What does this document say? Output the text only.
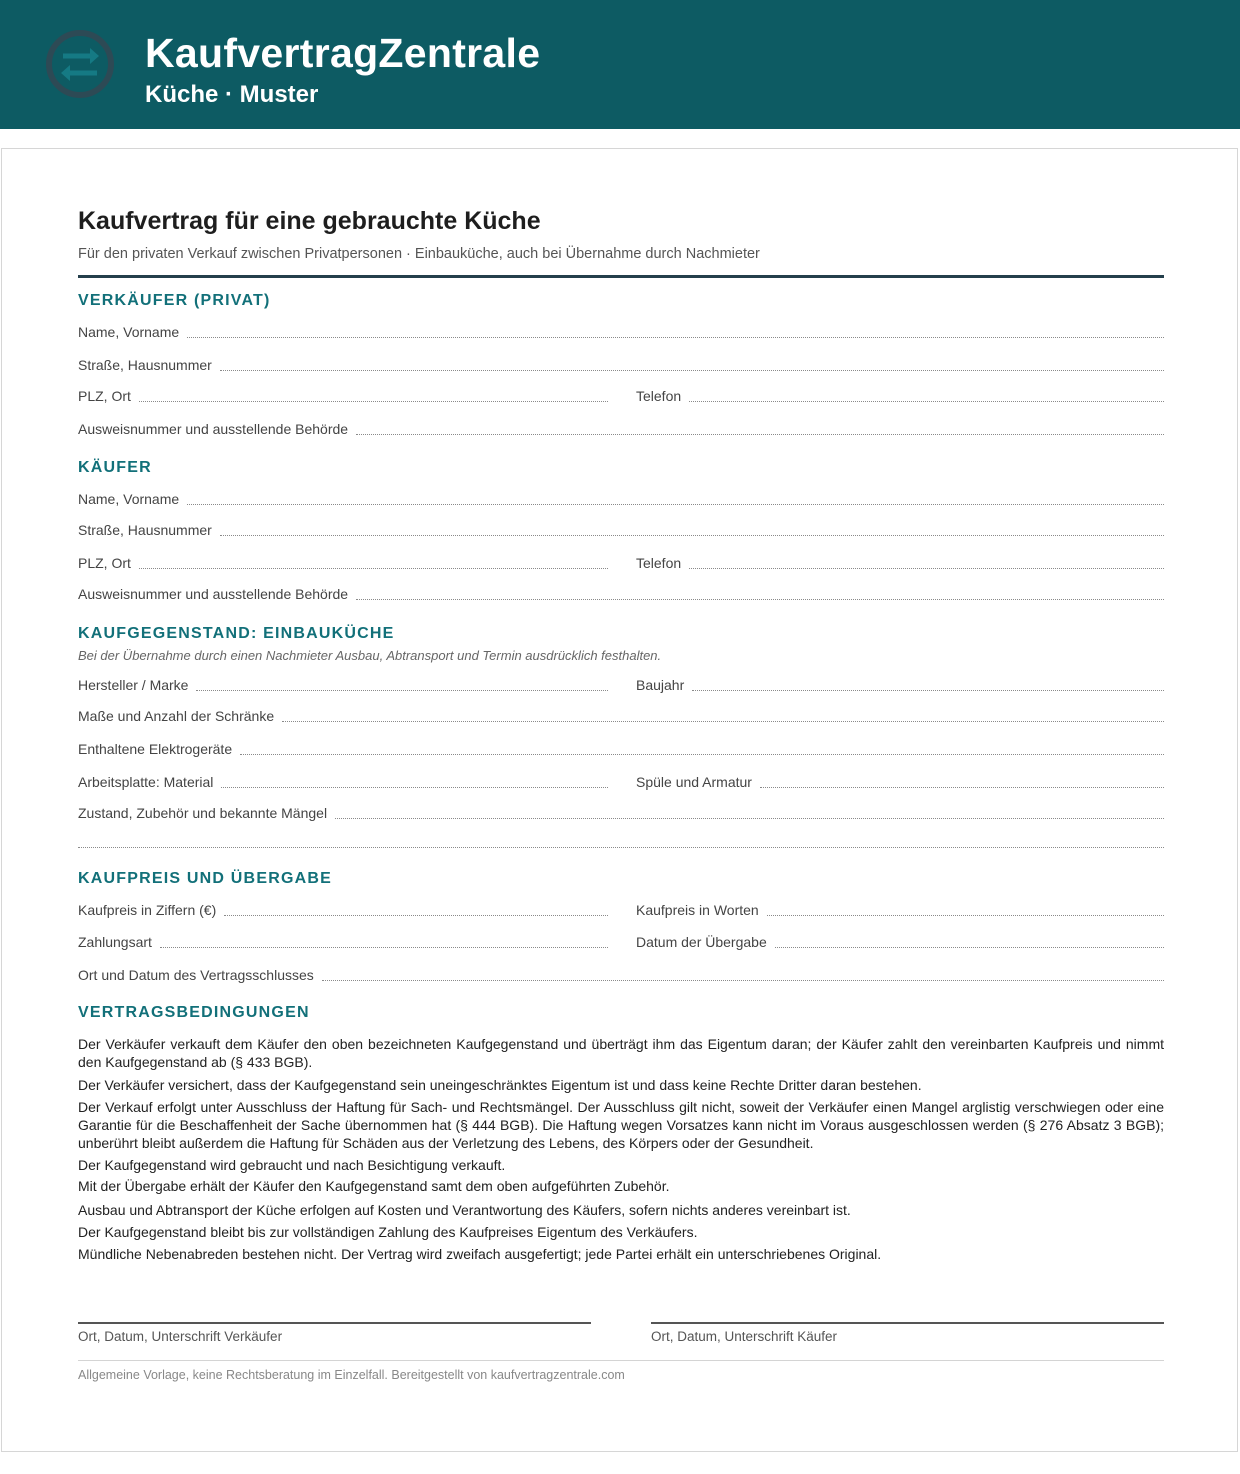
KaufvertragZentrale
Küche · Muster
Kaufvertrag für eine gebrauchte Küche
Für den privaten Verkauf zwischen Privatpersonen · Einbauküche, auch bei Übernahme durch Nachmieter
VERKÄUFER (PRIVAT)
Name, Vorname
Straße, Hausnummer
PLZ, Ort	Telefon
Ausweisnummer und ausstellende Behörde
KÄUFER
Name, Vorname
Straße, Hausnummer
PLZ, Ort	Telefon
Ausweisnummer und ausstellende Behörde
KAUFGEGENSTAND: EINBAUKÜCHE
Bei der Übernahme durch einen Nachmieter Ausbau, Abtransport und Termin ausdrücklich festhalten.
Hersteller / Marke	Baujahr
Maße und Anzahl der Schränke
Enthaltene Elektrogeräte
Arbeitsplatte: Material	Spüle und Armatur
Zustand, Zubehör und bekannte Mängel
KAUFPREIS UND ÜBERGABE
Kaufpreis in Ziffern (€)	Kaufpreis in Worten
Zahlungsart	Datum der Übergabe
Ort und Datum des Vertragsschlusses
VERTRAGSBEDINGUNGEN
Der Verkäufer verkauft dem Käufer den oben bezeichneten Kaufgegenstand und überträgt ihm das Eigentum daran; der Käufer zahlt den vereinbarten Kaufpreis und nimmt den Kaufgegenstand ab (§ 433 BGB).
Der Verkäufer versichert, dass der Kaufgegenstand sein uneingeschränktes Eigentum ist und dass keine Rechte Dritter daran bestehen.
Der Verkauf erfolgt unter Ausschluss der Haftung für Sach- und Rechtsmängel. Der Ausschluss gilt nicht, soweit der Verkäufer einen Mangel arglistig verschwiegen oder eine Garantie für die Beschaffenheit der Sache übernommen hat (§ 444 BGB). Die Haftung wegen Vorsatzes kann nicht im Voraus ausgeschlossen werden (§ 276 Absatz 3 BGB); unberührt bleibt außerdem die Haftung für Schäden aus der Verletzung des Lebens, des Körpers oder der Gesundheit.
Der Kaufgegenstand wird gebraucht und nach Besichtigung verkauft.
Mit der Übergabe erhält der Käufer den Kaufgegenstand samt dem oben aufgeführten Zubehör.
Ausbau und Abtransport der Küche erfolgen auf Kosten und Verantwortung des Käufers, sofern nichts anderes vereinbart ist.
Der Kaufgegenstand bleibt bis zur vollständigen Zahlung des Kaufpreises Eigentum des Verkäufers.
Mündliche Nebenabreden bestehen nicht. Der Vertrag wird zweifach ausgefertigt; jede Partei erhält ein unterschriebenes Original.
Ort, Datum, Unterschrift Verkäufer	Ort, Datum, Unterschrift Käufer
Allgemeine Vorlage, keine Rechtsberatung im Einzelfall. Bereitgestellt von kaufvertragzentrale.com
